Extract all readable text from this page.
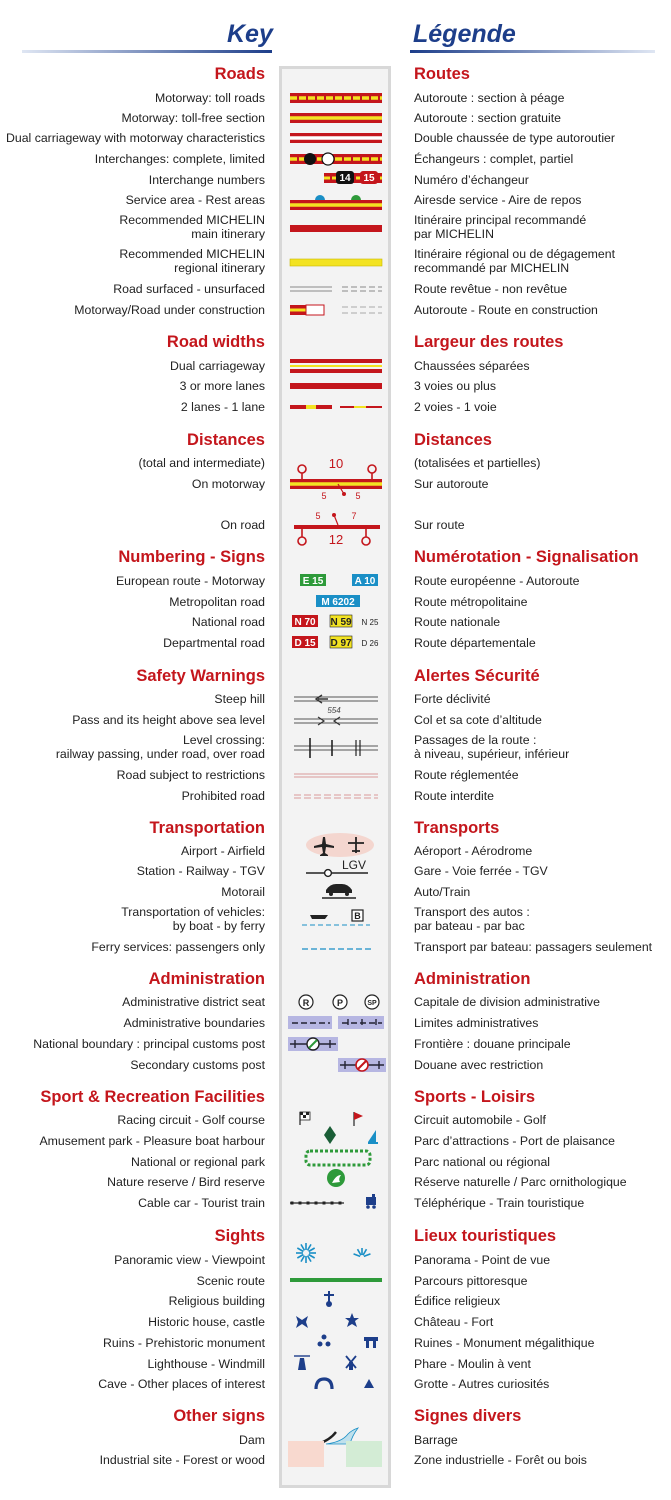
Key	Légende
Roads	Routes
Motorway: toll roads	Autoroute : section à péage
Motorway: toll-free section	Autoroute : section gratuite
Dual carriageway with motorway characteristics	Double chaussée de type autoroutier
Interchanges: complete, limited	Échangeurs : complet, partiel
Interchange numbers	Numéro d’échangeur
14 15
Service area - Rest areas	Airesde service - Aire de repos
Recommended MICHELIN
main itinerary
Itinéraire principal recommandé
par MICHELIN
Recommended MICHELIN
regional itinerary
Itinéraire régional ou de dégagement
recommandé par MICHELIN
Road surfaced - unsurfaced	Route revêtue - non revêtue
Motorway/Road under construction	Autoroute - Route en construction
Road widths	Largeur des routes
Dual carriageway	Chaussées séparées
3 or more lanes	3 voies ou plus
2 lanes - 1 lane	2 voies - 1 voie
Distances	Distances
(total and intermediate)	(totalisées et partielles)
On motorway	Sur autoroute
10
5	5
On road	Sur route
5	7
12
Numbering - Signs	Numérotation - Signalisation
European route - Motorway	Route européenne - Autoroute
E 15	A 10
Metropolitan road	Route métropolitaine
M 6202
National road	Route nationale
N 70 N 59 N 25
Departmental road	Route départementale
D 15 D 97 D 26
Safety Warnings	Alertes Sécurité
Steep hill	Forte déclivité
Pass and its height above sea level	Col et sa cote d’altitude
554
Level crossing:
railway passing, under road, over road
Passages de la route :
à niveau, supérieur, inférieur
Road subject to restrictions	Route réglementée
Prohibited road	Route interdite
Transportation	Transports
Airport - Airfield	Aéroport - Aérodrome
Station - Railway - TGV	Gare - Voie ferrée - TGV
LGV
Motorail	Auto/Train
Transportation of vehicles:
by boat - by ferry
Transport des autos :
par bateau - par bac
B
Ferry services: passengers only	Transport par bateau: passagers seulement
Administration	Administration
Administrative district seat	Capitale de division administrative
R	P	SP
Administrative boundaries	Limites administratives
National boundary : principal customs post	Frontière : douane principale
Secondary customs post	Douane avec restriction
Sport & Recreation Facilities	Sports - Loisirs
Racing circuit - Golf course	Circuit automobile - Golf
Amusement park - Pleasure boat harbour	Parc d’attractions - Port de plaisance
National or regional park	Parc national ou régional
Nature reserve / Bird reserve	Réserve naturelle / Parc ornithologique
Cable car - Tourist train	Téléphérique - Train touristique
Sights	Lieux touristiques
Panoramic view - Viewpoint	Panorama - Point de vue
Scenic route	Parcours pittoresque
Religious building	Édifice religieux
Historic house, castle	Château - Fort
Ruins - Prehistoric monument	Ruines - Monument mégalithique
Lighthouse - Windmill	Phare - Moulin à vent
Cave - Other places of interest	Grotte - Autres curiosités
Other signs	Signes divers
Dam	Barrage
Industrial site - Forest or wood	Zone industrielle - Forêt ou bois
